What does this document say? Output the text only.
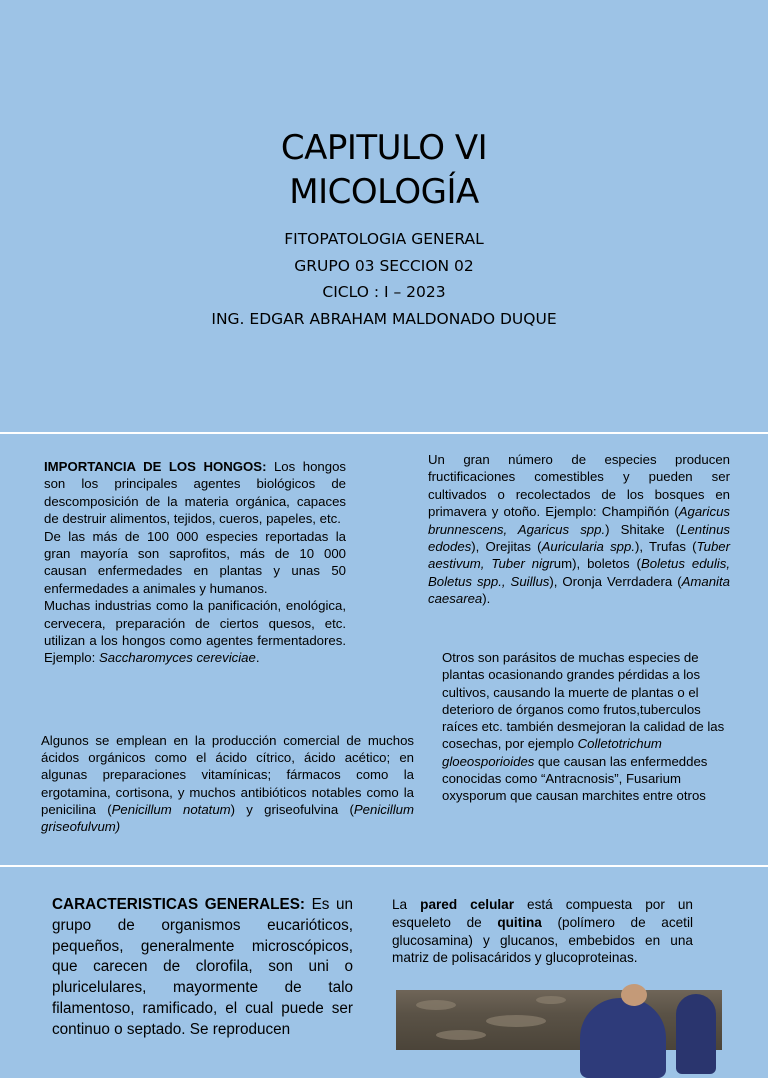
CAPITULO VI
MICOLOGÍA
FITOPATOLOGIA GENERAL
GRUPO 03 SECCION 02
CICLO : I – 2023
ING. EDGAR ABRAHAM MALDONADO DUQUE

IMPORTANCIA DE LOS HONGOS: Los hongos son los principales agentes biológicos de descomposición de la materia orgánica, capaces de destruir alimentos, tejidos, cueros, papeles, etc.

De las más de 100 000 especies reportadas la gran mayoría son saprofitos, más de 10 000 causan enfermedades en plantas y unas 50 enfermedades a animales y humanos.

Muchas industrias como la panificación, enológica, cervecera, preparación de ciertos quesos, etc. utilizan a los hongos como agentes fermentadores. Ejemplo: Saccharomyces cereviciae.

Algunos se emplean en la producción comercial de muchos ácidos orgánicos como el ácido cítrico, ácido acético; en algunas preparaciones vitamínicas; fármacos como la ergotamina, cortisona, y muchos antibióticos notables como la penicilina (Penicillum notatum) y griseofulvina (Penicillum griseofulvum)

Un gran número de especies producen fructificaciones comestibles y pueden ser cultivados o recolectados de los bosques en primavera y otoño. Ejemplo: Champiñón (Agaricus brunnescens, Agaricus spp.) Shitake (Lentinus edodes), Orejitas (Auricularia spp.), Trufas (Tuber aestivum, Tuber nigrum), boletos (Boletus edulis, Boletus spp., Suillus), Oronja Verrdadera (Amanita caesarea).

Otros son parásitos de muchas especies de plantas ocasionando grandes pérdidas a los cultivos, causando la muerte de plantas o el deterioro de órganos como frutos,tuberculos raíces etc. también desmejoran la calidad de las cosechas, por ejemplo Colletotrichum gloeosporioides que causan las enfermeddes conocidas como “Antracnosis”, Fusarium oxysporum que causan marchites entre otros

CARACTERISTICAS GENERALES: Es un grupo de organismos eucarióticos, pequeños, generalmente microscópicos, que carecen de clorofila, son uni o pluricelulares, mayormente de talo filamentoso, ramificado, el cual puede ser continuo o septado. Se reproducen

La pared celular está compuesta por un esqueleto de quitina (polímero de acetil glucosamina) y glucanos, embebidos en una matriz de polisacáridos y glucoproteinas.
